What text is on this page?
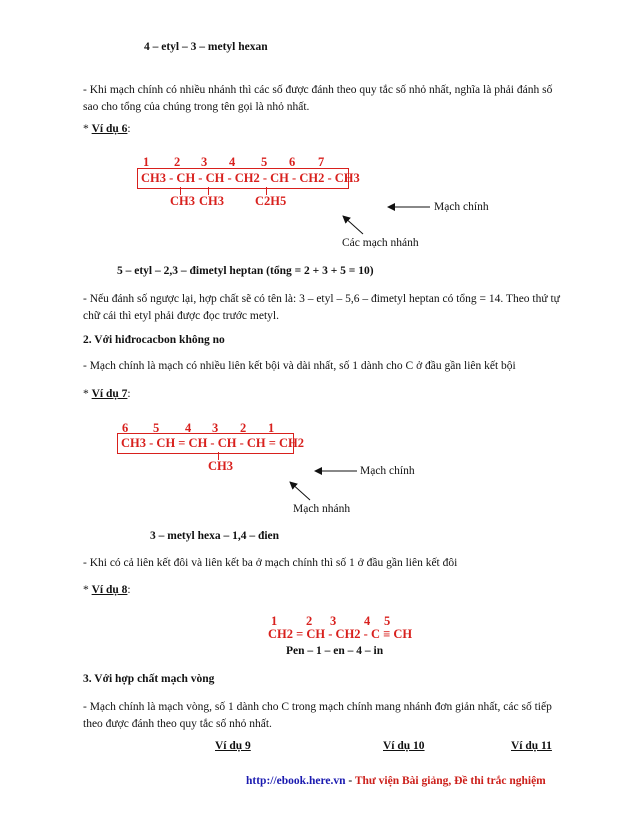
4 – etyl – 3 – metyl hexan
- Khi mạch chính có nhiều nhánh thì các số được đánh theo quy tắc số nhỏ nhất, nghĩa là phải đánh số sao cho tổng của chúng trong tên gọi là nhỏ nhất.
* Ví dụ 6:
1 2 3 4 5 6 7
CH3 - CH - CH - CH2 - CH - CH2 - CH3
CH3 CH3 C2H5	Mạch chính
Các mạch nhánh
5 – etyl – 2,3 – đimetyl heptan (tổng = 2 + 3 + 5 = 10)
- Nếu đánh số ngược lại, hợp chất sẽ có tên là: 3 – etyl – 5,6 – đimetyl heptan có tổng = 14. Theo thứ tự chữ cái thì etyl phải được đọc trước metyl.
2. Với hiđrocacbon không no
- Mạch chính là mạch có nhiều liên kết bội và dài nhất, số 1 dành cho C ở đầu gần liên kết bội
* Ví dụ 7:
6 5 4 3 2 1
CH3 - CH = CH - CH - CH = CH2
CH3	Mạch chính
Mạch nhánh
3 – metyl hexa – 1,4 – đien
- Khi có cả liên kết đôi và liên kết ba ở mạch chính thì số 1 ở đầu gần liên kết đôi
* Ví dụ 8:
1 2 3 4 5
CH2 = CH - CH2 - C ≡ CH
Pen – 1 – en – 4 – in
3. Với hợp chất mạch vòng
- Mạch chính là mạch vòng, số 1 dành cho C trong mạch chính mang nhánh đơn giản nhất, các số tiếp theo được đánh theo quy tắc số nhỏ nhất.
Ví dụ 9	Ví dụ 10	Ví dụ 11
http://ebook.here.vn - Thư viện Bài giảng, Đề thi trắc nghiệm
